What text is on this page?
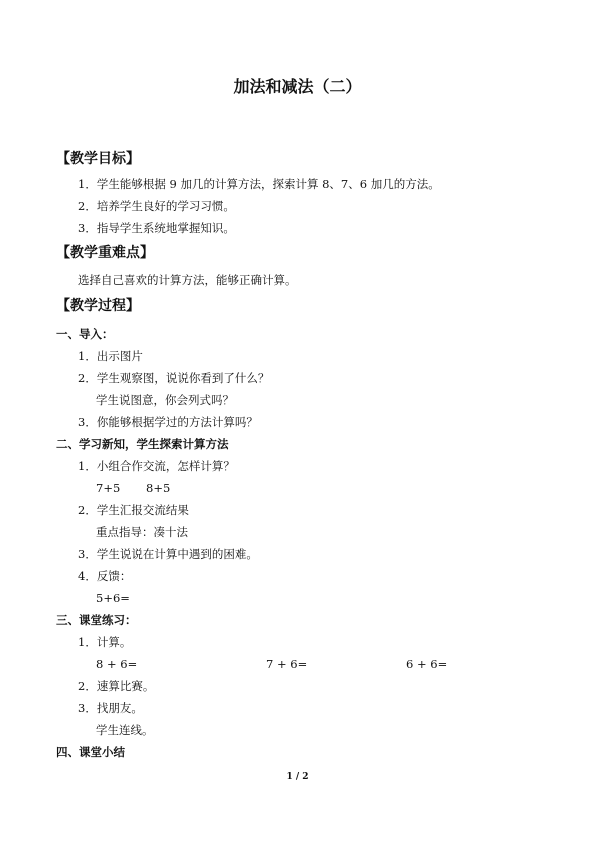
加法和减法（二）
【教学目标】
1．学生能够根据 9 加几的计算方法，探索计算 8、7、6 加几的方法。
2．培养学生良好的学习习惯。
3．指导学生系统地掌握知识。
【教学重难点】
选择自己喜欢的计算方法，能够正确计算。
【教学过程】
一、导入：
1．出示图片
2．学生观察图，说说你看到了什么？
学生说图意，你会列式吗？
3．你能够根据学过的方法计算吗？
二、学习新知，学生探索计算方法
1．小组合作交流，怎样计算？
7+5 8+5
2．学生汇报交流结果
重点指导：凑十法
3．学生说说在计算中遇到的困难。
4．反馈：
5+6=
三、课堂练习：
1．计算。
8 + 6=	7 + 6=	6 + 6=
2．速算比赛。
3．找朋友。
学生连线。
四、课堂小结
1 / 2
